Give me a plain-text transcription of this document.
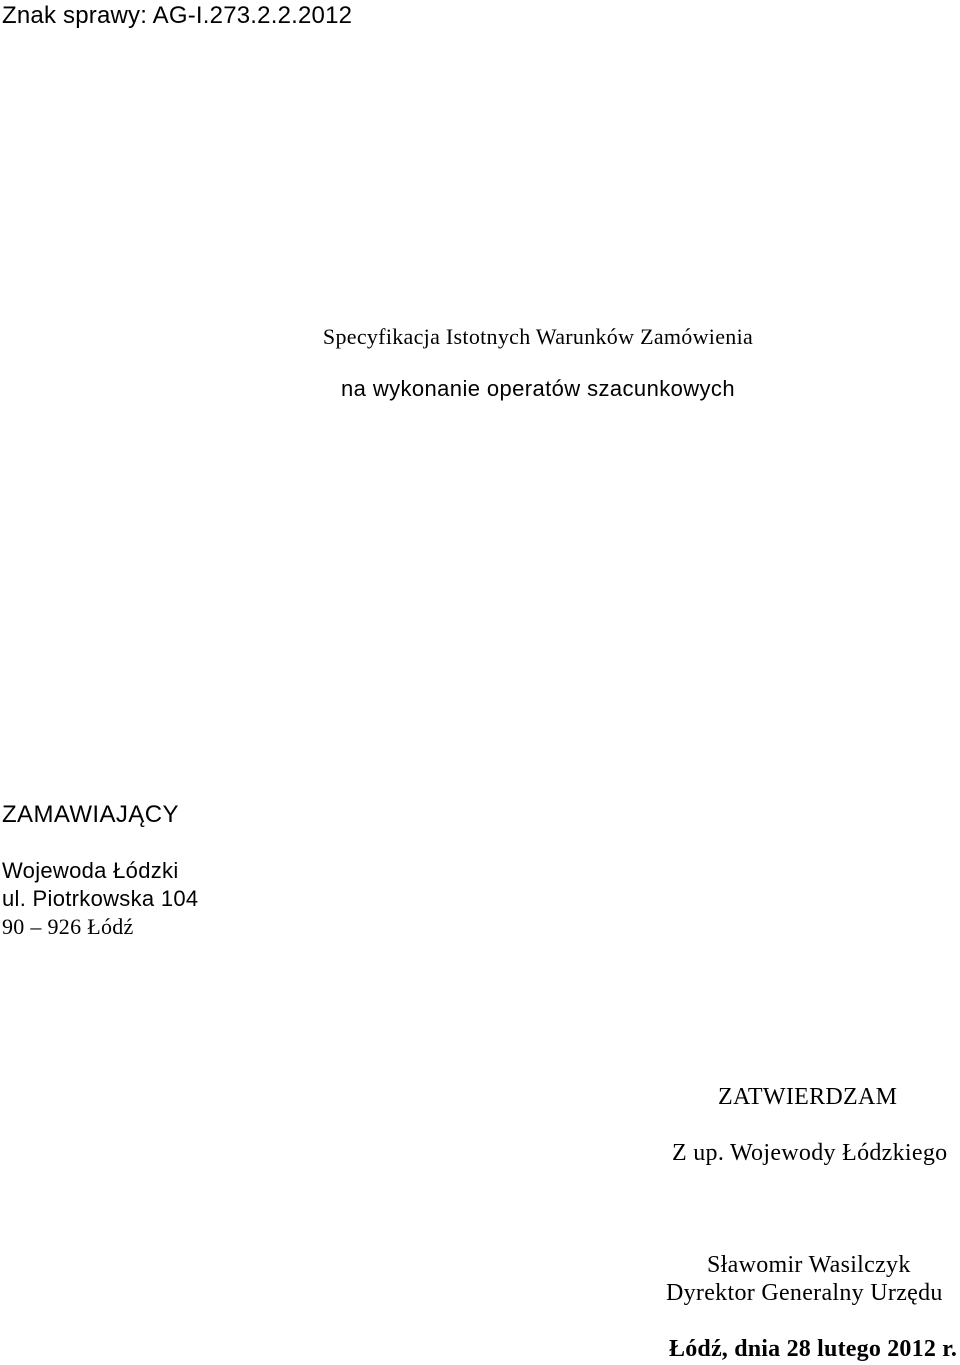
Znak sprawy: AG-I.273.2.2.2012

Specyfikacja Istotnych Warunków Zamówienia

na wykonanie operatów szacunkowych

ZAMAWIAJĄCY

Wojewoda Łódzki

ul. Piotrkowska 104

90 – 926 Łódź

ZATWIERDZAM

Z up. Wojewody Łódzkiego

Sławomir Wasilczyk

Dyrektor Generalny Urzędu

Łódź, dnia 28 lutego 2012 r.
